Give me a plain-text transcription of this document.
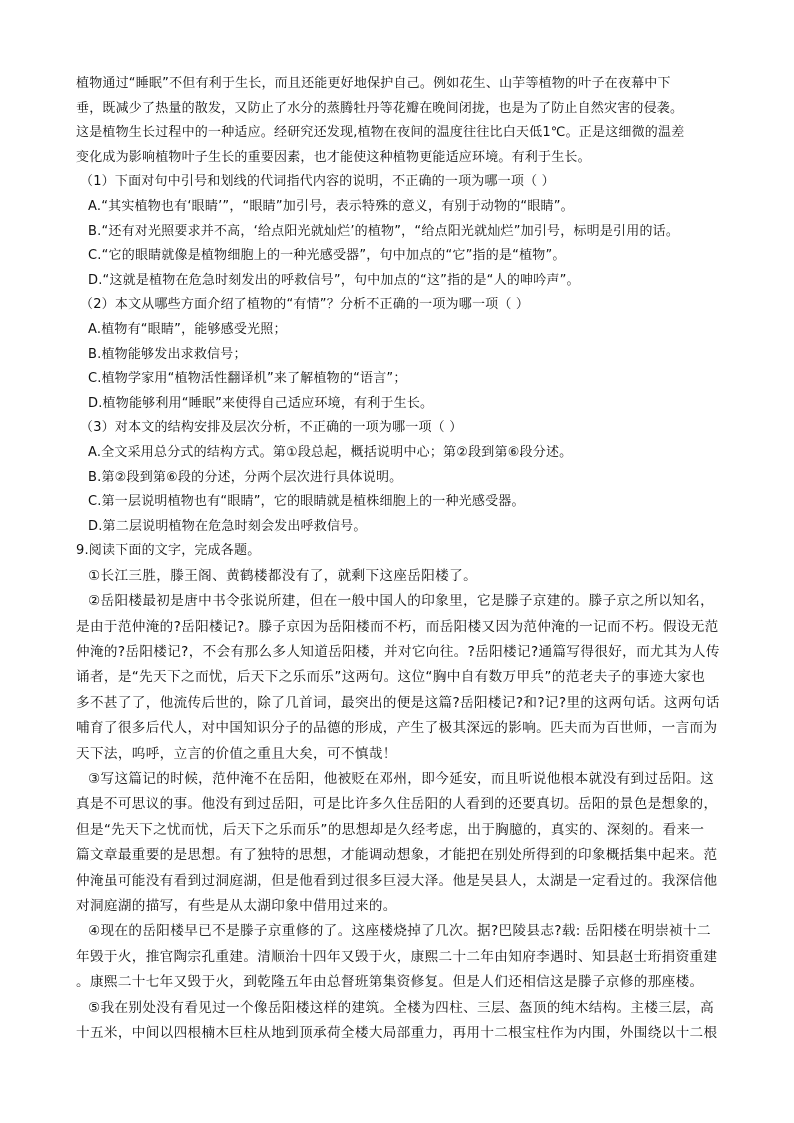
植物通过“睡眠”不但有利于生长，而且还能更好地保护自己。例如花生、山芋等植物的叶子在夜幕中下
垂，既减少了热量的散发，又防止了水分的蒸腾牡丹等花瓣在晚间闭拢，也是为了防止自然灾害的侵袭。
这是植物生长过程中的一种适应。经研究还发现,植物在夜间的温度往往比白天低1℃。正是这细微的温差
变化成为影响植物叶子生长的重要因素，也才能使这种植物更能适应环境。有利于生长。
（1）下面对句中引号和划线的代词指代内容的说明，不正确的一项为哪一项（ ）
A.“其实植物也有‘眼睛’”，“眼睛”加引号，表示特殊的意义，有别于动物的“眼睛”。
B.“还有对光照要求并不高，‘给点阳光就灿烂’的植物”，“给点阳光就灿烂”加引号，标明是引用的话。
C.“它的眼睛就像是植物细胞上的一种光感受器”，句中加点的“它”指的是“植物”。
D.“这就是植物在危急时刻发出的呼救信号”，句中加点的“这”指的是“人的呻吟声”。
（2）本文从哪些方面介绍了植物的“有情”？分析不正确的一项为哪一项（ ）
A.植物有“眼睛”，能够感受光照；
B.植物能够发出求救信号；
C.植物学家用“植物活性翻译机”来了解植物的“语言”；
D.植物能够利用“睡眠”来使得自己适应环境，有利于生长。
（3）对本文的结构安排及层次分析，不正确的一项为哪一项（ ）
A.全文采用总分式的结构方式。第①段总起，概括说明中心；第②段到第⑥段分述。
B.第②段到第⑥段的分述，分两个层次进行具体说明。
C.第一层说明植物也有“眼睛”，它的眼睛就是植株细胞上的一种光感受器。
D.第二层说明植物在危急时刻会发出呼救信号。
9.阅读下面的文字，完成各题。
①长江三胜，滕王阁、黄鹤楼都没有了，就剩下这座岳阳楼了。
②岳阳楼最初是唐中书令张说所建，但在一般中国人的印象里，它是滕子京建的。滕子京之所以知名，
是由于范仲淹的?岳阳楼记?。滕子京因为岳阳楼而不朽，而岳阳楼又因为范仲淹的一记而不朽。假设无范
仲淹的?岳阳楼记?，不会有那么多人知道岳阳楼，并对它向往。?岳阳楼记?通篇写得很好，而尤其为人传
诵者，是“先天下之而忧，后天下之乐而乐”这两句。这位“胸中自有数万甲兵”的范老夫子的事迹大家也
多不甚了了，他流传后世的，除了几首词，最突出的便是这篇?岳阳楼记?和?记?里的这两句话。这两句话
哺育了很多后代人，对中国知识分子的品德的形成，产生了极其深远的影响。匹夫而为百世师，一言而为
天下法，呜呼，立言的价值之重且大矣，可不慎哉！
③写这篇记的时候，范仲淹不在岳阳，他被贬在邓州，即今延安，而且听说他根本就没有到过岳阳。这
真是不可思议的事。他没有到过岳阳，可是比许多久住岳阳的人看到的还要真切。岳阳的景色是想象的，
但是“先天下之忧而忧，后天下之乐而乐”的思想却是久经考虑，出于胸臆的，真实的、深刻的。看来一
篇文章最重要的是思想。有了独特的思想，才能调动想象，才能把在别处所得到的印象概括集中起来。范
仲淹虽可能没有看到过洞庭湖，但是他看到过很多巨浸大泽。他是吴县人，太湖是一定看过的。我深信他
对洞庭湖的描写，有些是从太湖印象中借用过来的。
④现在的岳阳楼早已不是滕子京重修的了。这座楼烧掉了几次。据?巴陵县志?载: 岳阳楼在明崇祯十二
年毁于火，推官陶宗孔重建。清顺治十四年又毁于火，康熙二十二年由知府李遇时、知县赵士珩捐资重建
。康熙二十七年又毁于火，到乾隆五年由总督班第集资修复。但是人们还相信这是滕子京修的那座楼。
⑤我在别处没有看见过一个像岳阳楼这样的建筑。全楼为四柱、三层、盔顶的纯木结构。主楼三层，高
十五米，中间以四根楠木巨柱从地到顶承荷全楼大局部重力，再用十二根宝柱作为内围，外围绕以十二根
